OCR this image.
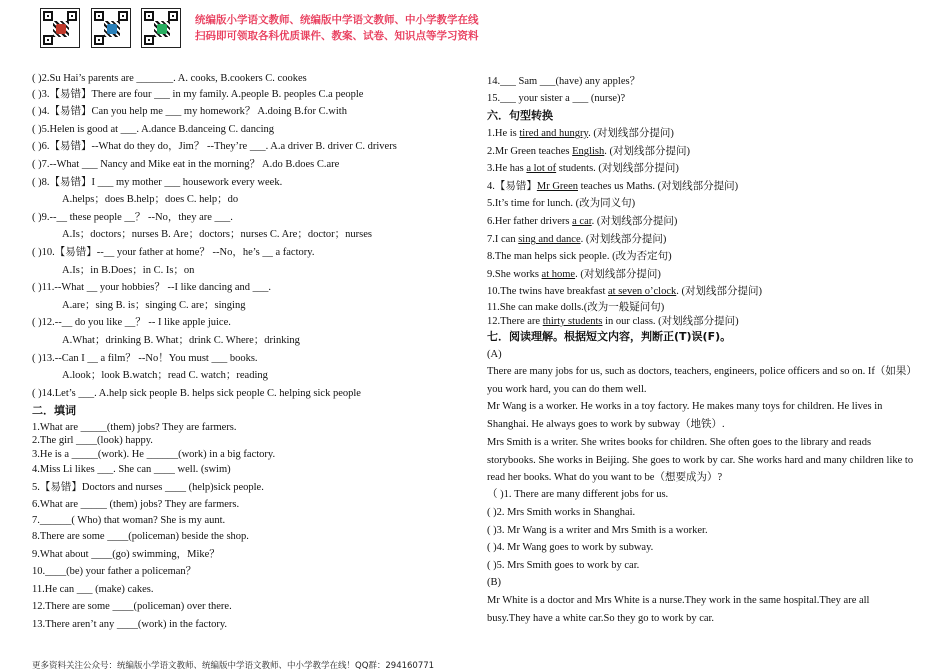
统编版小学语文教师、统编版中学语文教师、中小学教学在线
扫码即可领取各科优质课件、教案、试卷、知识点等学习资料
( )2.Su Hai’s parents are _______. A. cooks, B.cookers C. cookes
( )3.【易错】There are four ___ in my family. A.people B. peoples C.a people
( )4.【易错】Can you help me ___ my homework？ A.doing B.for C.with
( )5.Helen is good at ___. A.dance B.danceing C. dancing
( )6.【易错】--What do they do，Jim？ --They’re ___. A.a driver B. driver C. drivers
( )7.--What ___ Nancy and Mike eat in the morning？ A.do B.does C.are
( )8.【易错】I ___ my mother ___ housework every week.
A.helps；does B.help；does C. help；do
( )9.--__ these people __？ --No，they are ___.
A.Is；doctors；nurses B. Are；doctors；nurses C. Are；doctor；nurses
( )10.【易错】--__ your father at home？ --No，he’s __ a factory.
A.Is；in B.Does；in C. Is；on
( )11.--What __ your hobbies？ --I like dancing and ___.
A.are；sing B. is；singing C. are；singing
( )12.--__ do you like __？ -- I like apple juice.
A.What；drinking B. What；drink C. Where；drinking
( )13.--Can I __ a film？ --No！You must ___ books.
A.look；look B.watch；read C. watch；reading
( )14.Let’s ___. A.help sick people B. helps sick people C. helping sick people
二．填词
1.What are _____(them) jobs? They are farmers.
2.The girl ____(look) happy.
3.He is a _____(work). He ______(work) in a big factory.
4.Miss Li likes ___. She can ____ well. (swim)
5.【易错】Doctors and nurses ____ (help)sick people.
6.What are _____ (them) jobs? They are farmers.
7.______( Who) that woman? She is my aunt.
8.There are some ____(policeman) beside the shop.
9.What about ____(go) swimming，Mike？
10.____(be) your father a policeman？
11.He can ___ (make) cakes.
12.There are some ____(policeman) over there.
13.There aren’t any ____(work) in the factory.
14.___ Sam ___(have) any apples？
15.___ your sister a ___ (nurse)?
六．句型转换
1.He is tired and hungry. (对划线部分提问)
2.Mr Green teaches English. (对划线部分提问)
3.He has a lot of students. (对划线部分提问)
4.【易错】Mr Green teaches us Maths. (对划线部分提问)
5.It’s time for lunch. (改为同义句)
6.Her father drivers a car. (对划线部分提问)
7.I can sing and dance. (对划线部分提问)
8.The man helps sick people. (改为否定句)
9.She works at home. (对划线部分提问)
10.The twins have breakfast at seven o’clock. (对划线部分提问)
11.She can make dolls.(改为一般疑问句)
12.There are thirty students in our class. (对划线部分提问)
七．阅读理解。根据短文内容，判断正(T)误(F)。
(A)
There are many jobs for us, such as doctors, teachers, engineers, police officers and so on. If（如果）you work hard, you can do them well.
Mr Wang is a worker. He works in a toy factory. He makes many toys for children. He lives in Shanghai. He always goes to work by subway（地铁）.
Mrs Smith is a writer. She writes books for children. She often goes to the library and reads storybooks. She works in Beijing. She goes to work by car. She works hard and many children like to read her books. What do you want to be（想要成为）?
（ )1. There are many different jobs for us.
( )2. Mrs Smith works in Shanghai.
( )3. Mr Wang is a writer and Mrs Smith is a worker.
( )4. Mr Wang goes to work by subway.
( )5. Mrs Smith goes to work by car.
(B)
Mr White is a doctor and Mrs White is a nurse.They work in the same hospital.They are all busy.They have a white car.So they go to work by car.
更多资料关注公众号：统编版小学语文教师、统编版中学语文教师、中小学教学在线！QQ群：294160771
